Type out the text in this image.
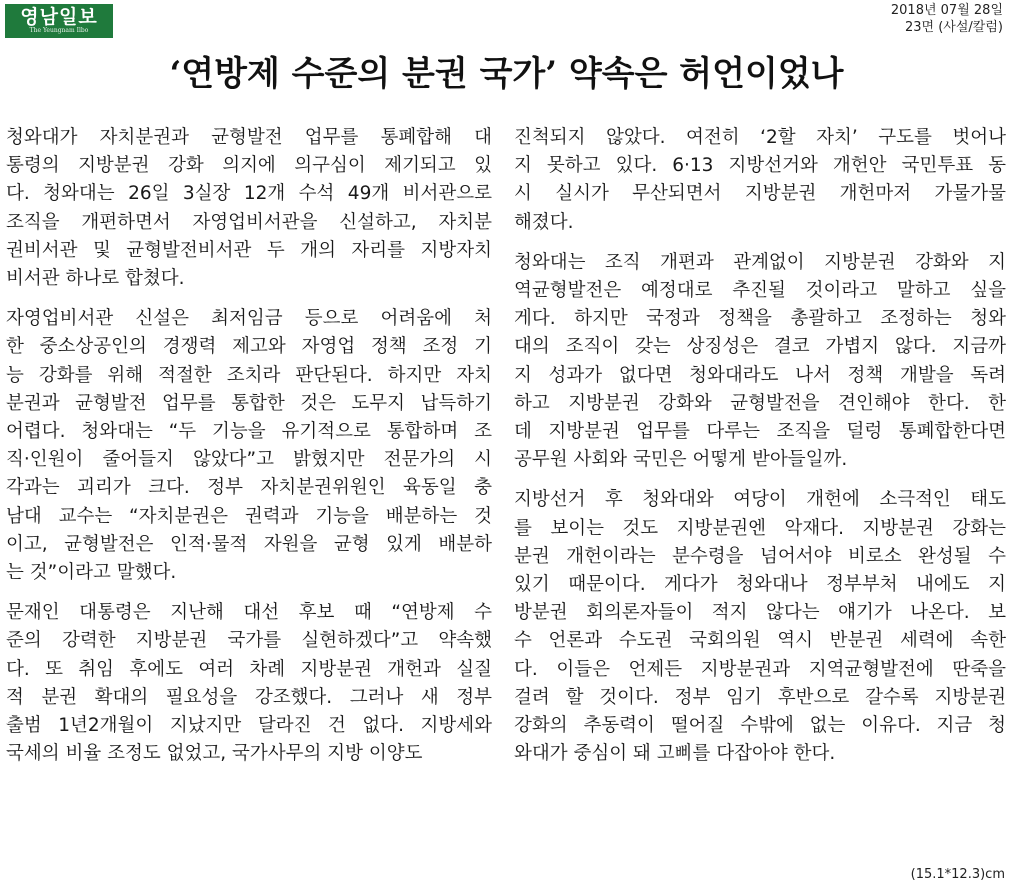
영남일보
The Yeungnam Ilbo
2018년 07월 28일
23면 (사설/칼럼)
‘연방제 수준의 분권 국가’ 약속은 허언이었나
청와대가 자치분권과 균형발전 업무를 통폐합해 대
통령의 지방분권 강화 의지에 의구심이 제기되고 있
다. 청와대는 26일 3실장 12개 수석 49개 비서관으로
조직을 개편하면서 자영업비서관을 신설하고, 자치분
권비서관 및 균형발전비서관 두 개의 자리를 지방자치
비서관 하나로 합쳤다.
자영업비서관 신설은 최저임금 등으로 어려움에 처
한 중소상공인의 경쟁력 제고와 자영업 정책 조정 기
능 강화를 위해 적절한 조치라 판단된다. 하지만 자치
분권과 균형발전 업무를 통합한 것은 도무지 납득하기
어렵다. 청와대는 “두 기능을 유기적으로 통합하며 조
직·인원이 줄어들지 않았다”고 밝혔지만 전문가의 시
각과는 괴리가 크다. 정부 자치분권위원인 육동일 충
남대 교수는 “자치분권은 권력과 기능을 배분하는 것
이고, 균형발전은 인적·물적 자원을 균형 있게 배분하
는 것”이라고 말했다.
문재인 대통령은 지난해 대선 후보 때 “연방제 수
준의 강력한 지방분권 국가를 실현하겠다”고 약속했
다. 또 취임 후에도 여러 차례 지방분권 개헌과 실질
적 분권 확대의 필요성을 강조했다. 그러나 새 정부
출범 1년2개월이 지났지만 달라진 건 없다. 지방세와
국세의 비율 조정도 없었고, 국가사무의 지방 이양도
진척되지 않았다. 여전히 ‘2할 자치’ 구도를 벗어나
지 못하고 있다. 6·13 지방선거와 개헌안 국민투표 동
시 실시가 무산되면서 지방분권 개헌마저 가물가물
해졌다.
청와대는 조직 개편과 관계없이 지방분권 강화와 지
역균형발전은 예정대로 추진될 것이라고 말하고 싶을
게다. 하지만 국정과 정책을 총괄하고 조정하는 청와
대의 조직이 갖는 상징성은 결코 가볍지 않다. 지금까
지 성과가 없다면 청와대라도 나서 정책 개발을 독려
하고 지방분권 강화와 균형발전을 견인해야 한다. 한
데 지방분권 업무를 다루는 조직을 덜렁 통폐합한다면
공무원 사회와 국민은 어떻게 받아들일까.
지방선거 후 청와대와 여당이 개헌에 소극적인 태도
를 보이는 것도 지방분권엔 악재다. 지방분권 강화는
분권 개헌이라는 분수령을 넘어서야 비로소 완성될 수
있기 때문이다. 게다가 청와대나 정부부처 내에도 지
방분권 회의론자들이 적지 않다는 얘기가 나온다. 보
수 언론과 수도권 국회의원 역시 반분권 세력에 속한
다. 이들은 언제든 지방분권과 지역균형발전에 딴죽을
걸려 할 것이다. 정부 임기 후반으로 갈수록 지방분권
강화의 추동력이 떨어질 수밖에 없는 이유다. 지금 청
와대가 중심이 돼 고삐를 다잡아야 한다.
(15.1*12.3)cm
